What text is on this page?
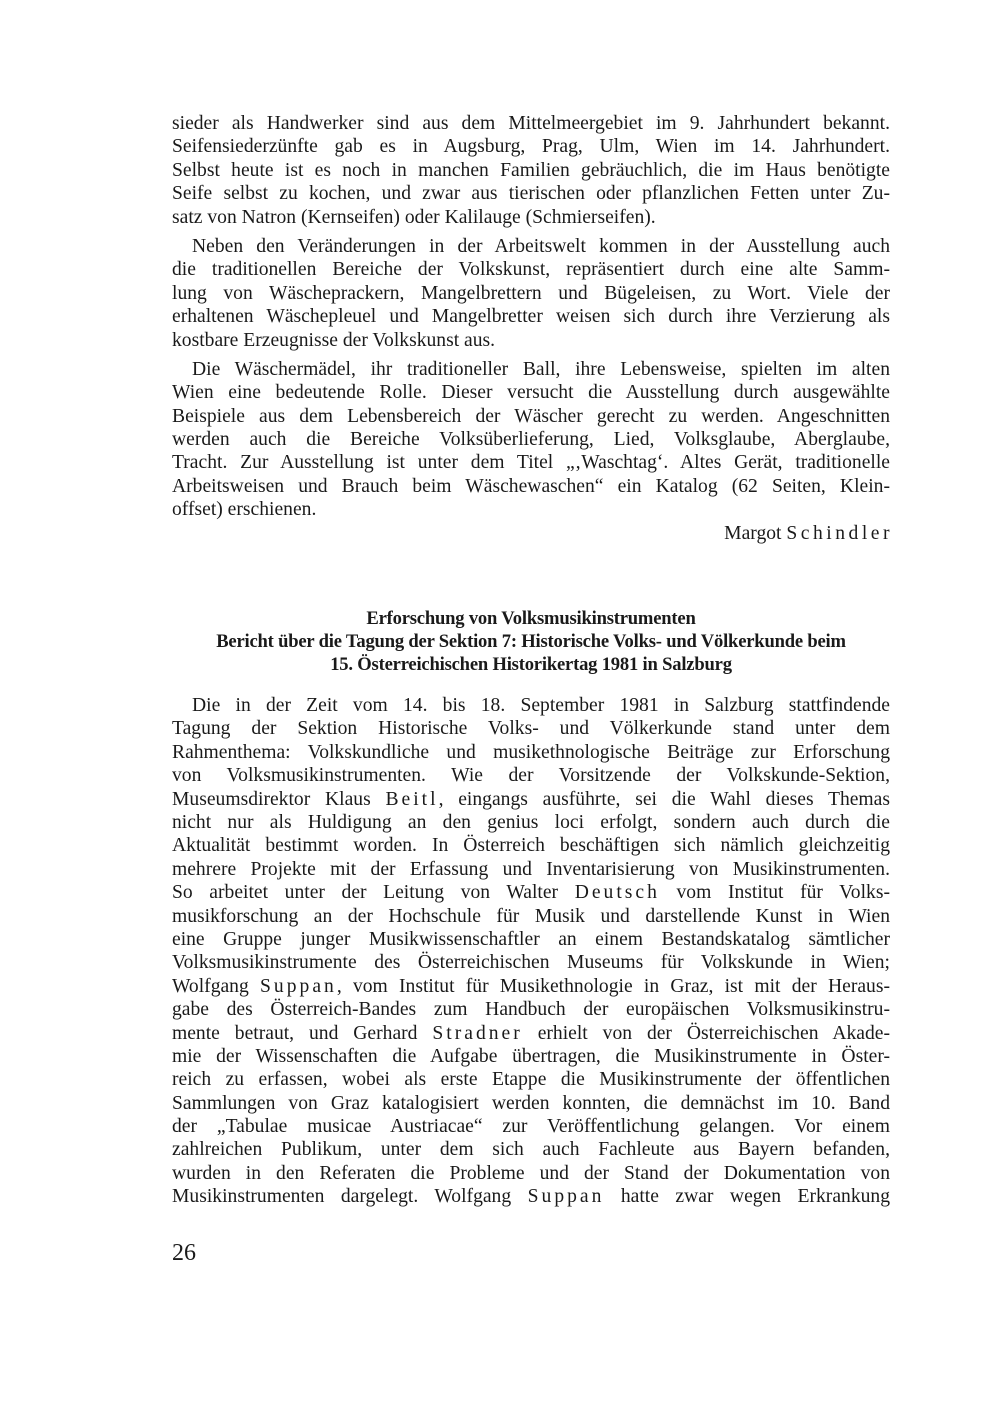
sieder als Handwerker sind aus dem Mittelmeergebiet im 9. Jahrhundert bekannt.
Seifensiederzünfte gab es in Augsburg, Prag, Ulm, Wien im 14. Jahrhundert.
Selbst heute ist es noch in manchen Familien gebräuchlich, die im Haus benötigte
Seife selbst zu kochen, und zwar aus tierischen oder pflanzlichen Fetten unter Zu-
satz von Natron (Kernseifen) oder Kalilauge (Schmierseifen).
Neben den Veränderungen in der Arbeitswelt kommen in der Ausstellung auch
die traditionellen Bereiche der Volkskunst, repräsentiert durch eine alte Samm-
lung von Wäscheprackern, Mangelbrettern und Bügeleisen, zu Wort. Viele der
erhaltenen Wäschepleuel und Mangelbretter weisen sich durch ihre Verzierung als
kostbare Erzeugnisse der Volkskunst aus.
Die Wäschermädel, ihr traditioneller Ball, ihre Lebensweise, spielten im alten
Wien eine bedeutende Rolle. Dieser versucht die Ausstellung durch ausgewählte
Beispiele aus dem Lebensbereich der Wäscher gerecht zu werden. Angeschnitten
werden auch die Bereiche Volksüberlieferung, Lied, Volksglaube, Aberglaube,
Tracht. Zur Ausstellung ist unter dem Titel „‚Waschtag‘. Altes Gerät, traditionelle
Arbeitsweisen und Brauch beim Wäschewaschen“ ein Katalog (62 Seiten, Klein-
offset) erschienen.
Margot Schindler
Erforschung von Volksmusikinstrumenten
Bericht über die Tagung der Sektion 7: Historische Volks- und Völkerkunde beim
15. Österreichischen Historikertag 1981 in Salzburg
Die in der Zeit vom 14. bis 18. September 1981 in Salzburg stattfindende
Tagung der Sektion Historische Volks- und Völkerkunde stand unter dem
Rahmenthema: Volkskundliche und musikethnologische Beiträge zur Erforschung
von Volksmusikinstrumenten. Wie der Vorsitzende der Volkskunde-Sektion,
Museumsdirektor Klaus Beitl, eingangs ausführte, sei die Wahl dieses Themas
nicht nur als Huldigung an den genius loci erfolgt, sondern auch durch die
Aktualität bestimmt worden. In Österreich beschäftigen sich nämlich gleichzeitig
mehrere Projekte mit der Erfassung und Inventarisierung von Musikinstrumenten.
So arbeitet unter der Leitung von Walter Deutsch vom Institut für Volks-
musikforschung an der Hochschule für Musik und darstellende Kunst in Wien
eine Gruppe junger Musikwissenschaftler an einem Bestandskatalog sämtlicher
Volksmusikinstrumente des Österreichischen Museums für Volkskunde in Wien;
Wolfgang Suppan, vom Institut für Musikethnologie in Graz, ist mit der Heraus-
gabe des Österreich-Bandes zum Handbuch der europäischen Volksmusikinstru-
mente betraut, und Gerhard Stradner erhielt von der Österreichischen Akade-
mie der Wissenschaften die Aufgabe übertragen, die Musikinstrumente in Öster-
reich zu erfassen, wobei als erste Etappe die Musikinstrumente der öffentlichen
Sammlungen von Graz katalogisiert werden konnten, die demnächst im 10. Band
der „Tabulae musicae Austriacae“ zur Veröffentlichung gelangen. Vor einem
zahlreichen Publikum, unter dem sich auch Fachleute aus Bayern befanden,
wurden in den Referaten die Probleme und der Stand der Dokumentation von
Musikinstrumenten dargelegt. Wolfgang Suppan hatte zwar wegen Erkrankung
26
